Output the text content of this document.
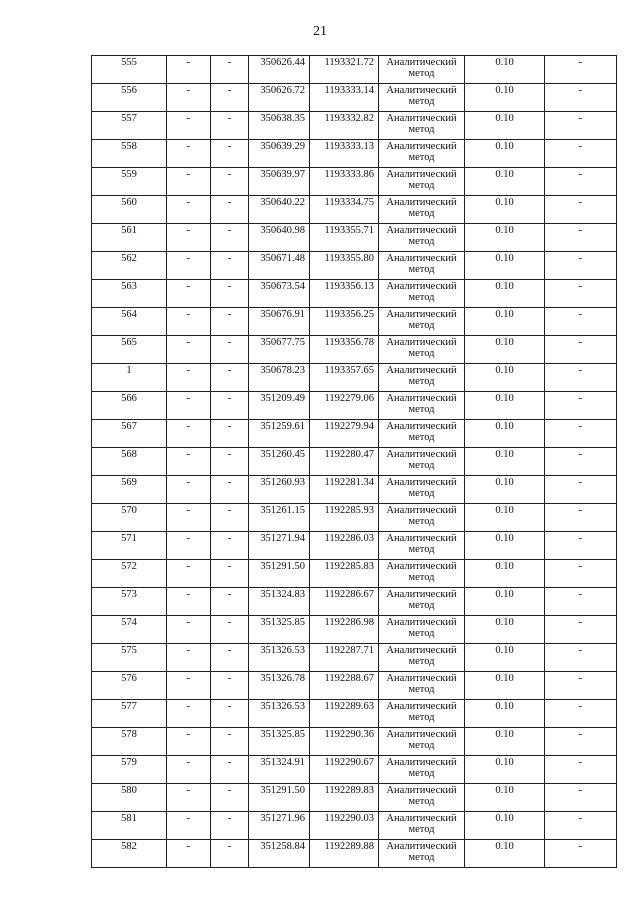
21
555	-	-	350626.44	1193321.72	Аналитический метод	0.10	-
556	-	-	350626.72	1193333.14	Аналитический метод	0.10	-
557	-	-	350638.35	1193332.82	Аналитический метод	0.10	-
558	-	-	350639.29	1193333.13	Аналитический метод	0.10	-
559	-	-	350639.97	1193333.86	Аналитический метод	0.10	-
560	-	-	350640.22	1193334.75	Аналитический метод	0.10	-
561	-	-	350640.98	1193355.71	Аналитический метод	0.10	-
562	-	-	350671.48	1193355.80	Аналитический метод	0.10	-
563	-	-	350673.54	1193356.13	Аналитический метод	0.10	-
564	-	-	350676.91	1193356.25	Аналитический метод	0.10	-
565	-	-	350677.75	1193356.78	Аналитический метод	0.10	-
1	-	-	350678.23	1193357.65	Аналитический метод	0.10	-
566	-	-	351209.49	1192279.06	Аналитический метод	0.10	-
567	-	-	351259.61	1192279.94	Аналитический метод	0.10	-
568	-	-	351260.45	1192280.47	Аналитический метод	0.10	-
569	-	-	351260.93	1192281.34	Аналитический метод	0.10	-
570	-	-	351261.15	1192285.93	Аналитический метод	0.10	-
571	-	-	351271.94	1192286.03	Аналитический метод	0.10	-
572	-	-	351291.50	1192285.83	Аналитический метод	0.10	-
573	-	-	351324.83	1192286.67	Аналитический метод	0.10	-
574	-	-	351325.85	1192286.98	Аналитический метод	0.10	-
575	-	-	351326.53	1192287.71	Аналитический метод	0.10	-
576	-	-	351326.78	1192288.67	Аналитический метод	0.10	-
577	-	-	351326.53	1192289.63	Аналитический метод	0.10	-
578	-	-	351325.85	1192290.36	Аналитический метод	0.10	-
579	-	-	351324.91	1192290.67	Аналитический метод	0.10	-
580	-	-	351291.50	1192289.83	Аналитический метод	0.10	-
581	-	-	351271.96	1192290.03	Аналитический метод	0.10	-
582	-	-	351258.84	1192289.88	Аналитический метод	0.10	-
